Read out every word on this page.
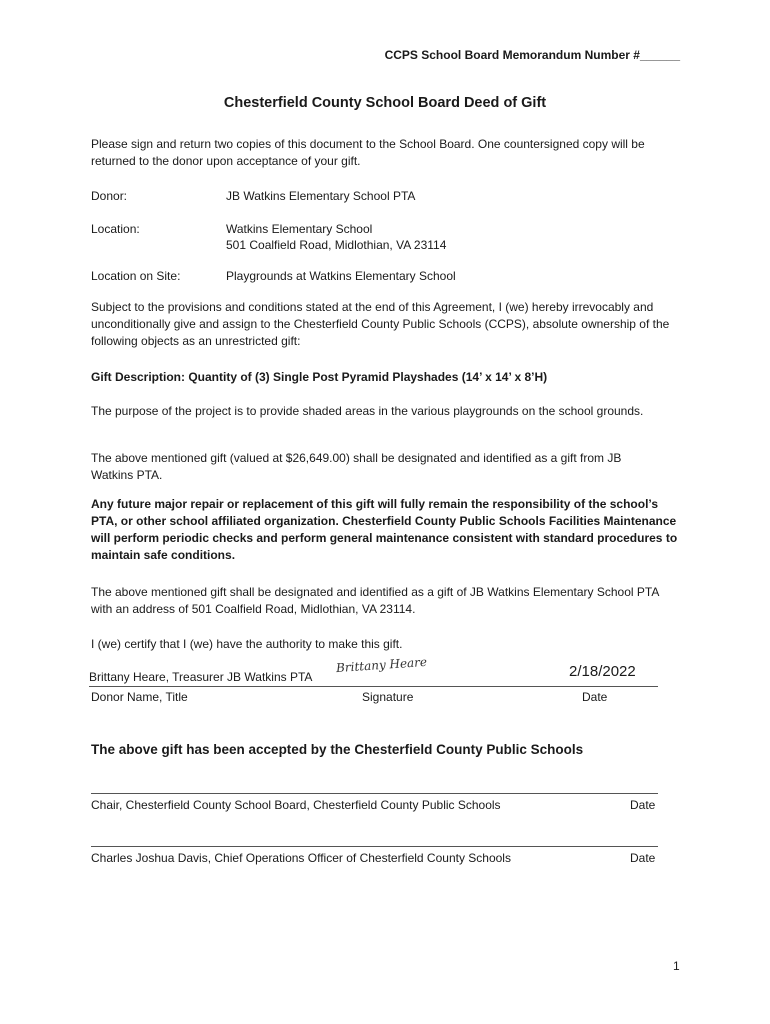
CCPS School Board Memorandum Number #______
Chesterfield County School Board Deed of Gift
Please sign and return two copies of this document to the School Board. One countersigned copy will be returned to the donor upon acceptance of your gift.
Donor:	JB Watkins Elementary School PTA
Location:	Watkins Elementary School
501 Coalfield Road, Midlothian, VA 23114
Location on Site:	Playgrounds at Watkins Elementary School
Subject to the provisions and conditions stated at the end of this Agreement, I (we) hereby irrevocably and unconditionally give and assign to the Chesterfield County Public Schools (CCPS), absolute ownership of the following objects as an unrestricted gift:
Gift Description: Quantity of (3) Single Post Pyramid Playshades (14’ x 14’ x 8’H)
The purpose of the project is to provide shaded areas in the various playgrounds on the school grounds.
The above mentioned gift (valued at $26,649.00) shall be designated and identified as a gift from JB Watkins PTA.
Any future major repair or replacement of this gift will fully remain the responsibility of the school’s PTA, or other school affiliated organization. Chesterfield County Public Schools Facilities Maintenance will perform periodic checks and perform general maintenance consistent with standard procedures to maintain safe conditions.
The above mentioned gift shall be designated and identified as a gift of JB Watkins Elementary School PTA with an address of 501 Coalfield Road, Midlothian, VA 23114.
I (we) certify that I (we) have the authority to make this gift.
Brittany Heare, Treasurer JB Watkins PTA
Brittany Heare	2/18/2022
Donor Name, Title	Signature	Date
The above gift has been accepted by the Chesterfield County Public Schools
Chair, Chesterfield County School Board, Chesterfield County Public Schools	Date
Charles Joshua Davis, Chief Operations Officer of Chesterfield County Schools	Date
1
